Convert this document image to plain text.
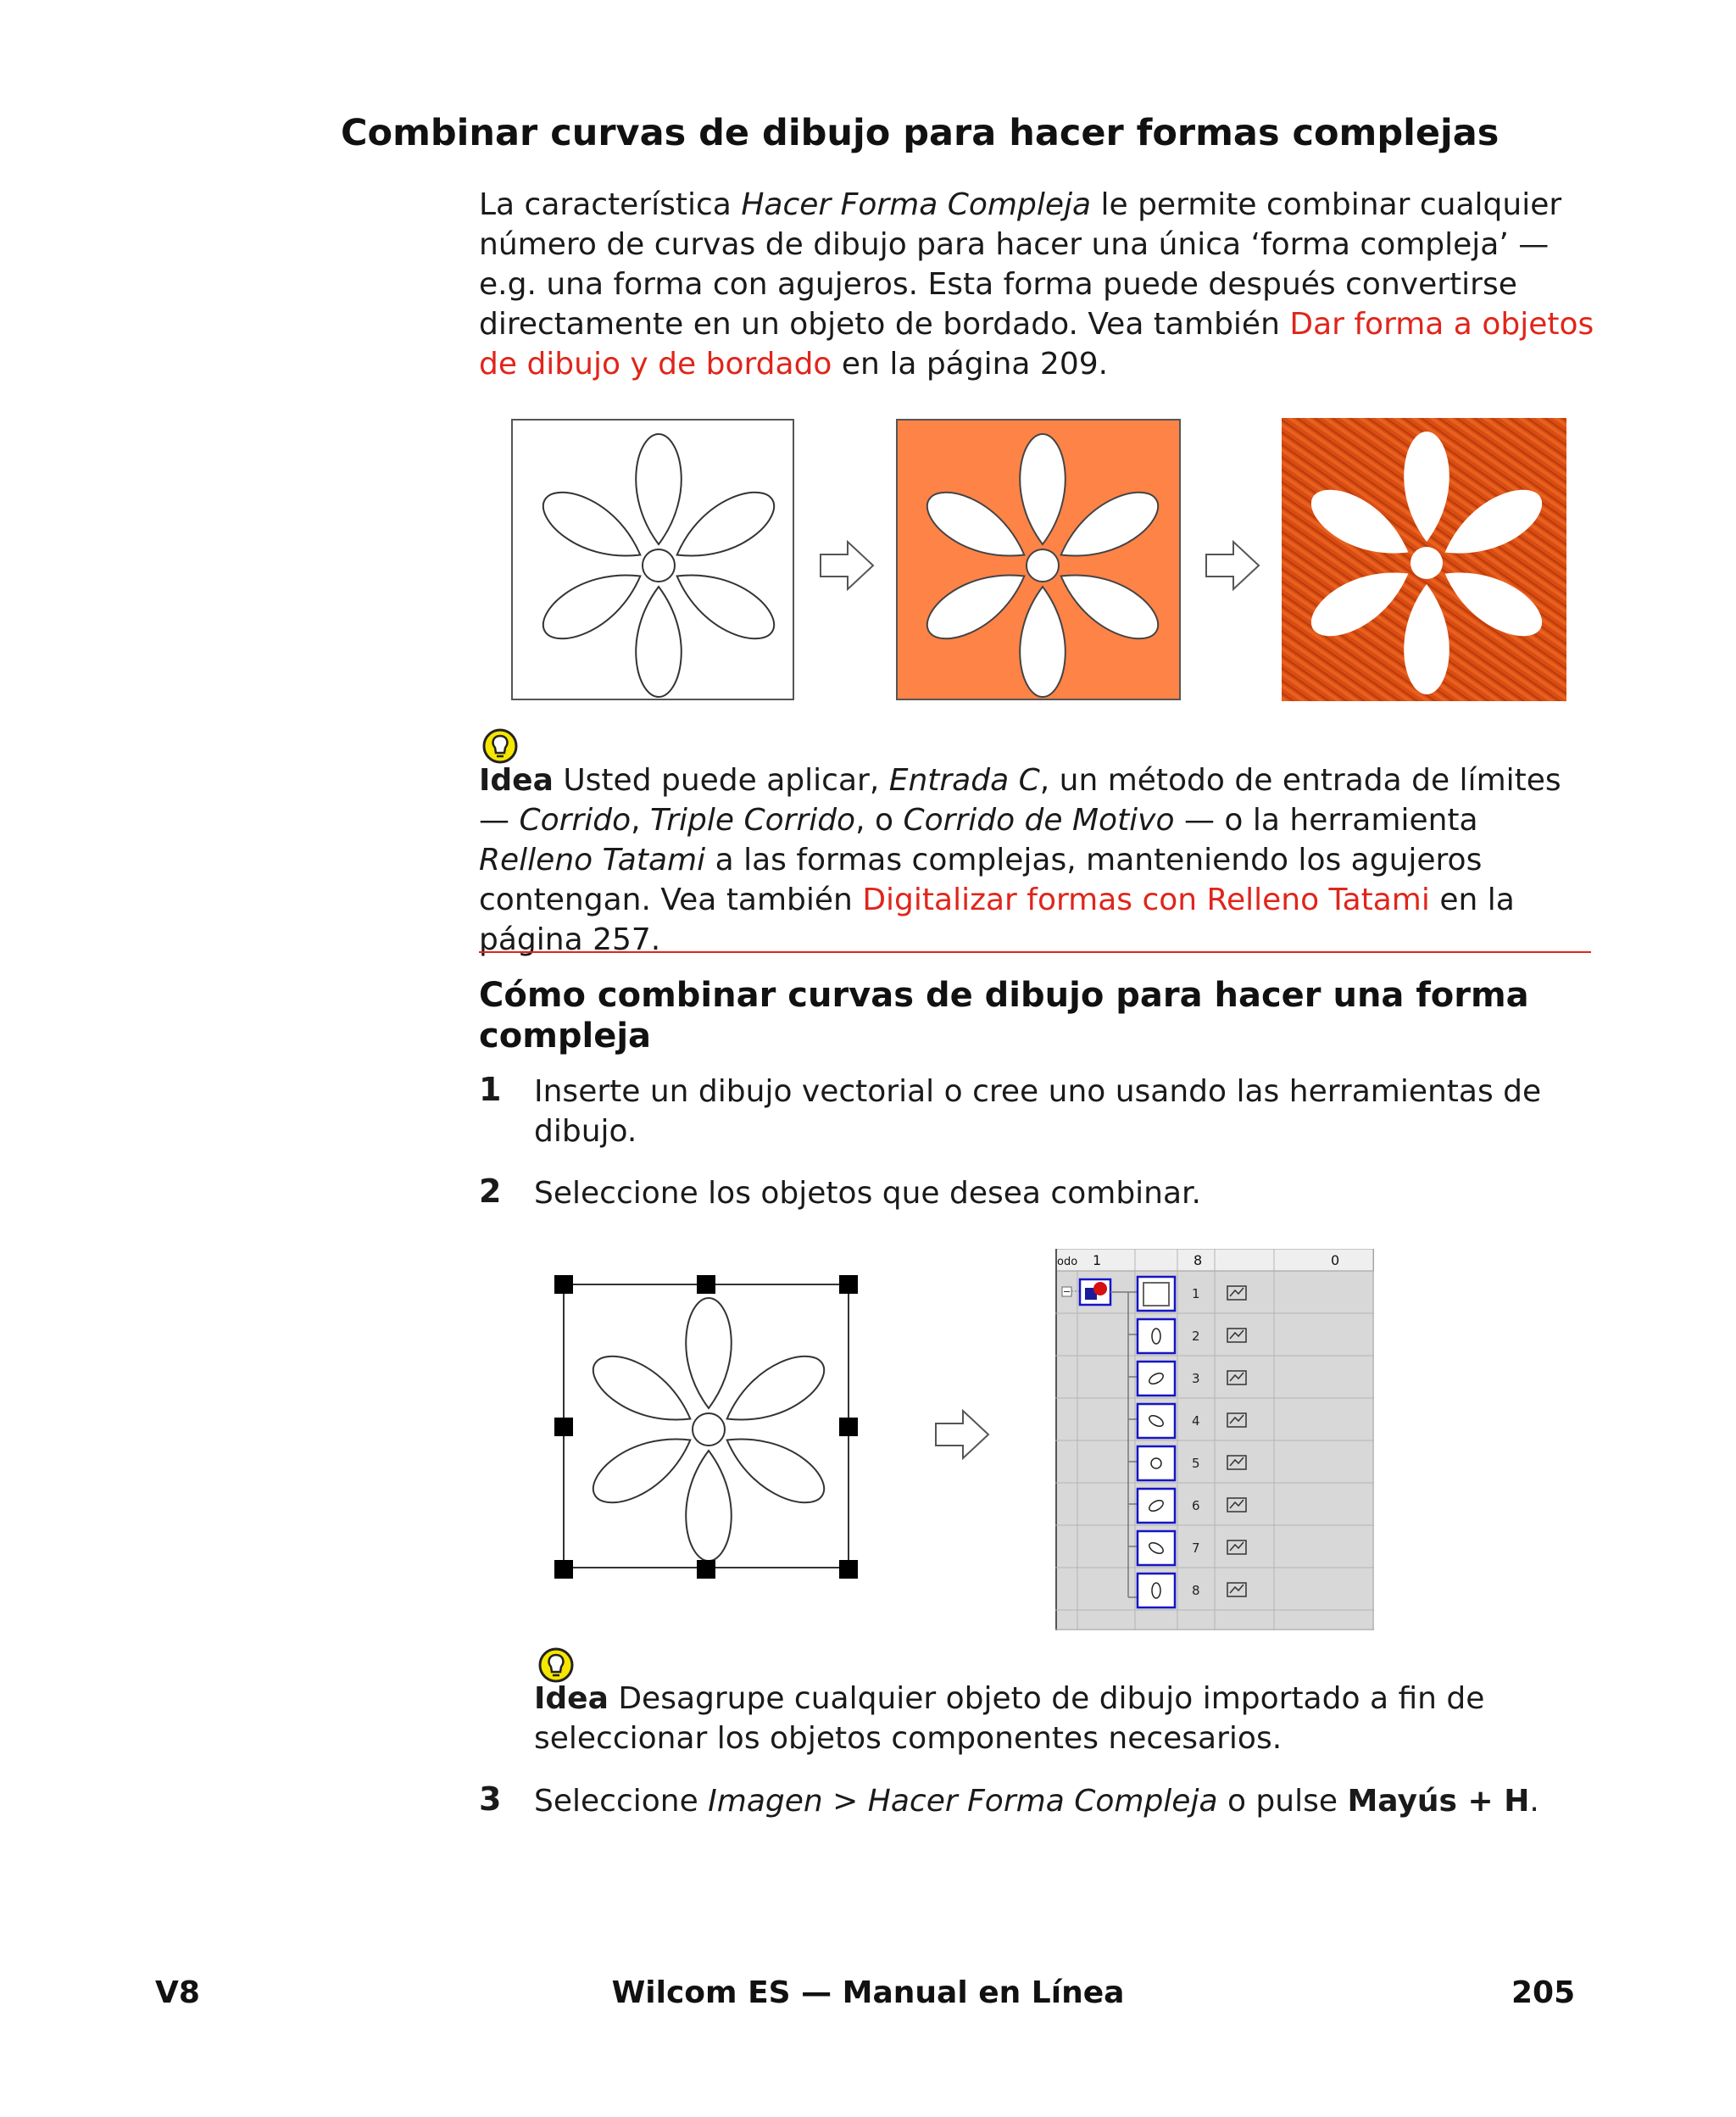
Combinar curvas de dibujo para hacer formas complejas
La característica Hacer Forma Compleja le permite combinar cualquier número de curvas de dibujo para hacer una única ‘forma compleja’ — e.g. una forma con agujeros. Esta forma puede después convertirse directamente en un objeto de bordado. Vea también Dar forma a objetos de dibujo y de bordado en la página 209.
Idea Usted puede aplicar, Entrada C, un método de entrada de límites — Corrido, Triple Corrido, o Corrido de Motivo — o la herramienta Relleno Tatami a las formas complejas, manteniendo los agujeros contengan. Vea también Digitalizar formas con Relleno Tatami en la página 257.
Cómo combinar curvas de dibujo para hacer una forma compleja
1 Inserte un dibujo vectorial o cree uno usando las herramientas de dibujo.
2 Seleccione los objetos que desea combinar.
odo 1	8	0
1
2
3
4
5
6
7
8
Idea Desagrupe cualquier objeto de dibujo importado a fin de seleccionar los objetos componentes necesarios.
3 Seleccione Imagen > Hacer Forma Compleja o pulse Mayús + H.
V8	Wilcom ES — Manual en Línea	205
